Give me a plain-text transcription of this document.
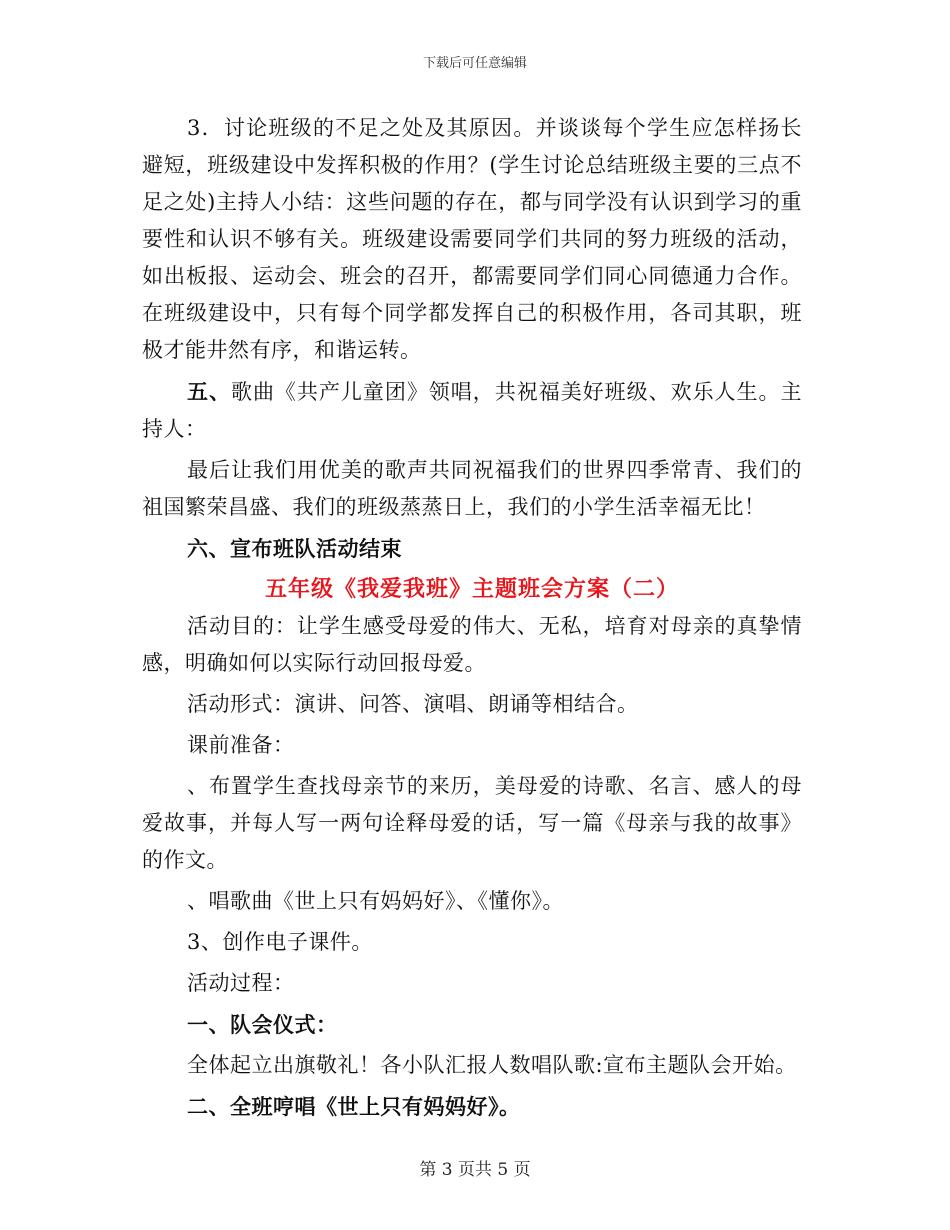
下载后可任意编辑

3．讨论班级的不足之处及其原因。并谈谈每个学生应怎样扬长避短，班级建设中发挥积极的作用？(学生讨论总结班级主要的三点不足之处)主持人小结：这些问题的存在，都与同学没有认识到学习的重要性和认识不够有关。班级建设需要同学们共同的努力班级的活动，如出板报、运动会、班会的召开，都需要同学们同心同德通力合作。在班级建设中，只有每个同学都发挥自己的积极作用，各司其职，班极才能井然有序，和谐运转。

五、歌曲《共产儿童团》领唱，共祝福美好班级、欢乐人生。主持人：

最后让我们用优美的歌声共同祝福我们的世界四季常青、我们的祖国繁荣昌盛、我们的班级蒸蒸日上，我们的小学生活幸福无比！

六、宣布班队活动结束

五年级《我爱我班》主题班会方案（二）

活动目的：让学生感受母爱的伟大、无私，培育对母亲的真挚情感，明确如何以实际行动回报母爱。

活动形式：演讲、问答、演唱、朗诵等相结合。

课前准备：

、布置学生查找母亲节的来历，美母爱的诗歌、名言、感人的母爱故事，并每人写一两句诠释母爱的话，写一篇《母亲与我的故事》的作文。

、唱歌曲《世上只有妈妈好》、《懂你》。

3、创作电子课件。

活动过程：

一、队会仪式：

全体起立出旗敬礼！各小队汇报人数唱队歌:宣布主题队会开始。

二、全班哼唱《世上只有妈妈好》。

第 3 页共 5 页
